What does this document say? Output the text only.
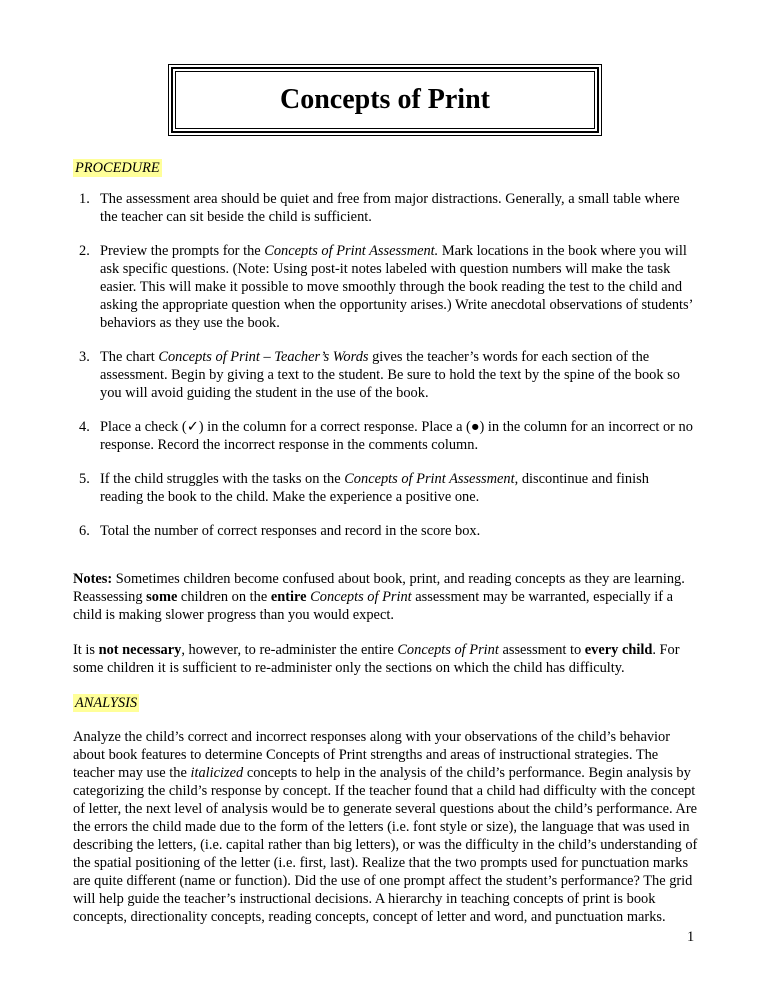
Concepts of Print
PROCEDURE
1. The assessment area should be quiet and free from major distractions. Generally, a small table where the teacher can sit beside the child is sufficient.
2. Preview the prompts for the Concepts of Print Assessment. Mark locations in the book where you will ask specific questions. (Note: Using post-it notes labeled with question numbers will make the task easier. This will make it possible to move smoothly through the book reading the test to the child and asking the appropriate question when the opportunity arises.) Write anecdotal observations of students’ behaviors as they use the book.
3. The chart Concepts of Print – Teacher’s Words gives the teacher’s words for each section of the assessment. Begin by giving a text to the student. Be sure to hold the text by the spine of the book so you will avoid guiding the student in the use of the book.
4. Place a check (✓) in the column for a correct response. Place a (●) in the column for an incorrect or no response. Record the incorrect response in the comments column.
5. If the child struggles with the tasks on the Concepts of Print Assessment, discontinue and finish reading the book to the child. Make the experience a positive one.
6. Total the number of correct responses and record in the score box.

Notes: Sometimes children become confused about book, print, and reading concepts as they are learning. Reassessing some children on the entire Concepts of Print assessment may be warranted, especially if a child is making slower progress than you would expect.

It is not necessary, however, to re-administer the entire Concepts of Print assessment to every child. For some children it is sufficient to re-administer only the sections on which the child has difficulty.

ANALYSIS

Analyze the child’s correct and incorrect responses along with your observations of the child’s behavior about book features to determine Concepts of Print strengths and areas of instructional strategies. The teacher may use the italicized concepts to help in the analysis of the child’s performance. Begin analysis by categorizing the child’s response by concept. If the teacher found that a child had difficulty with the concept of letter, the next level of analysis would be to generate several questions about the child’s performance. Are the errors the child made due to the form of the letters (i.e. font style or size), the language that was used in describing the letters, (i.e. capital rather than big letters), or was the difficulty in the child’s understanding of the spatial positioning of the letter (i.e. first, last). Realize that the two prompts used for punctuation marks are quite different (name or function). Did the use of one prompt affect the student’s performance? The grid will help guide the teacher’s instructional decisions. A hierarchy in teaching concepts of print is book concepts, directionality concepts, reading concepts, concept of letter and word, and punctuation marks.

1
